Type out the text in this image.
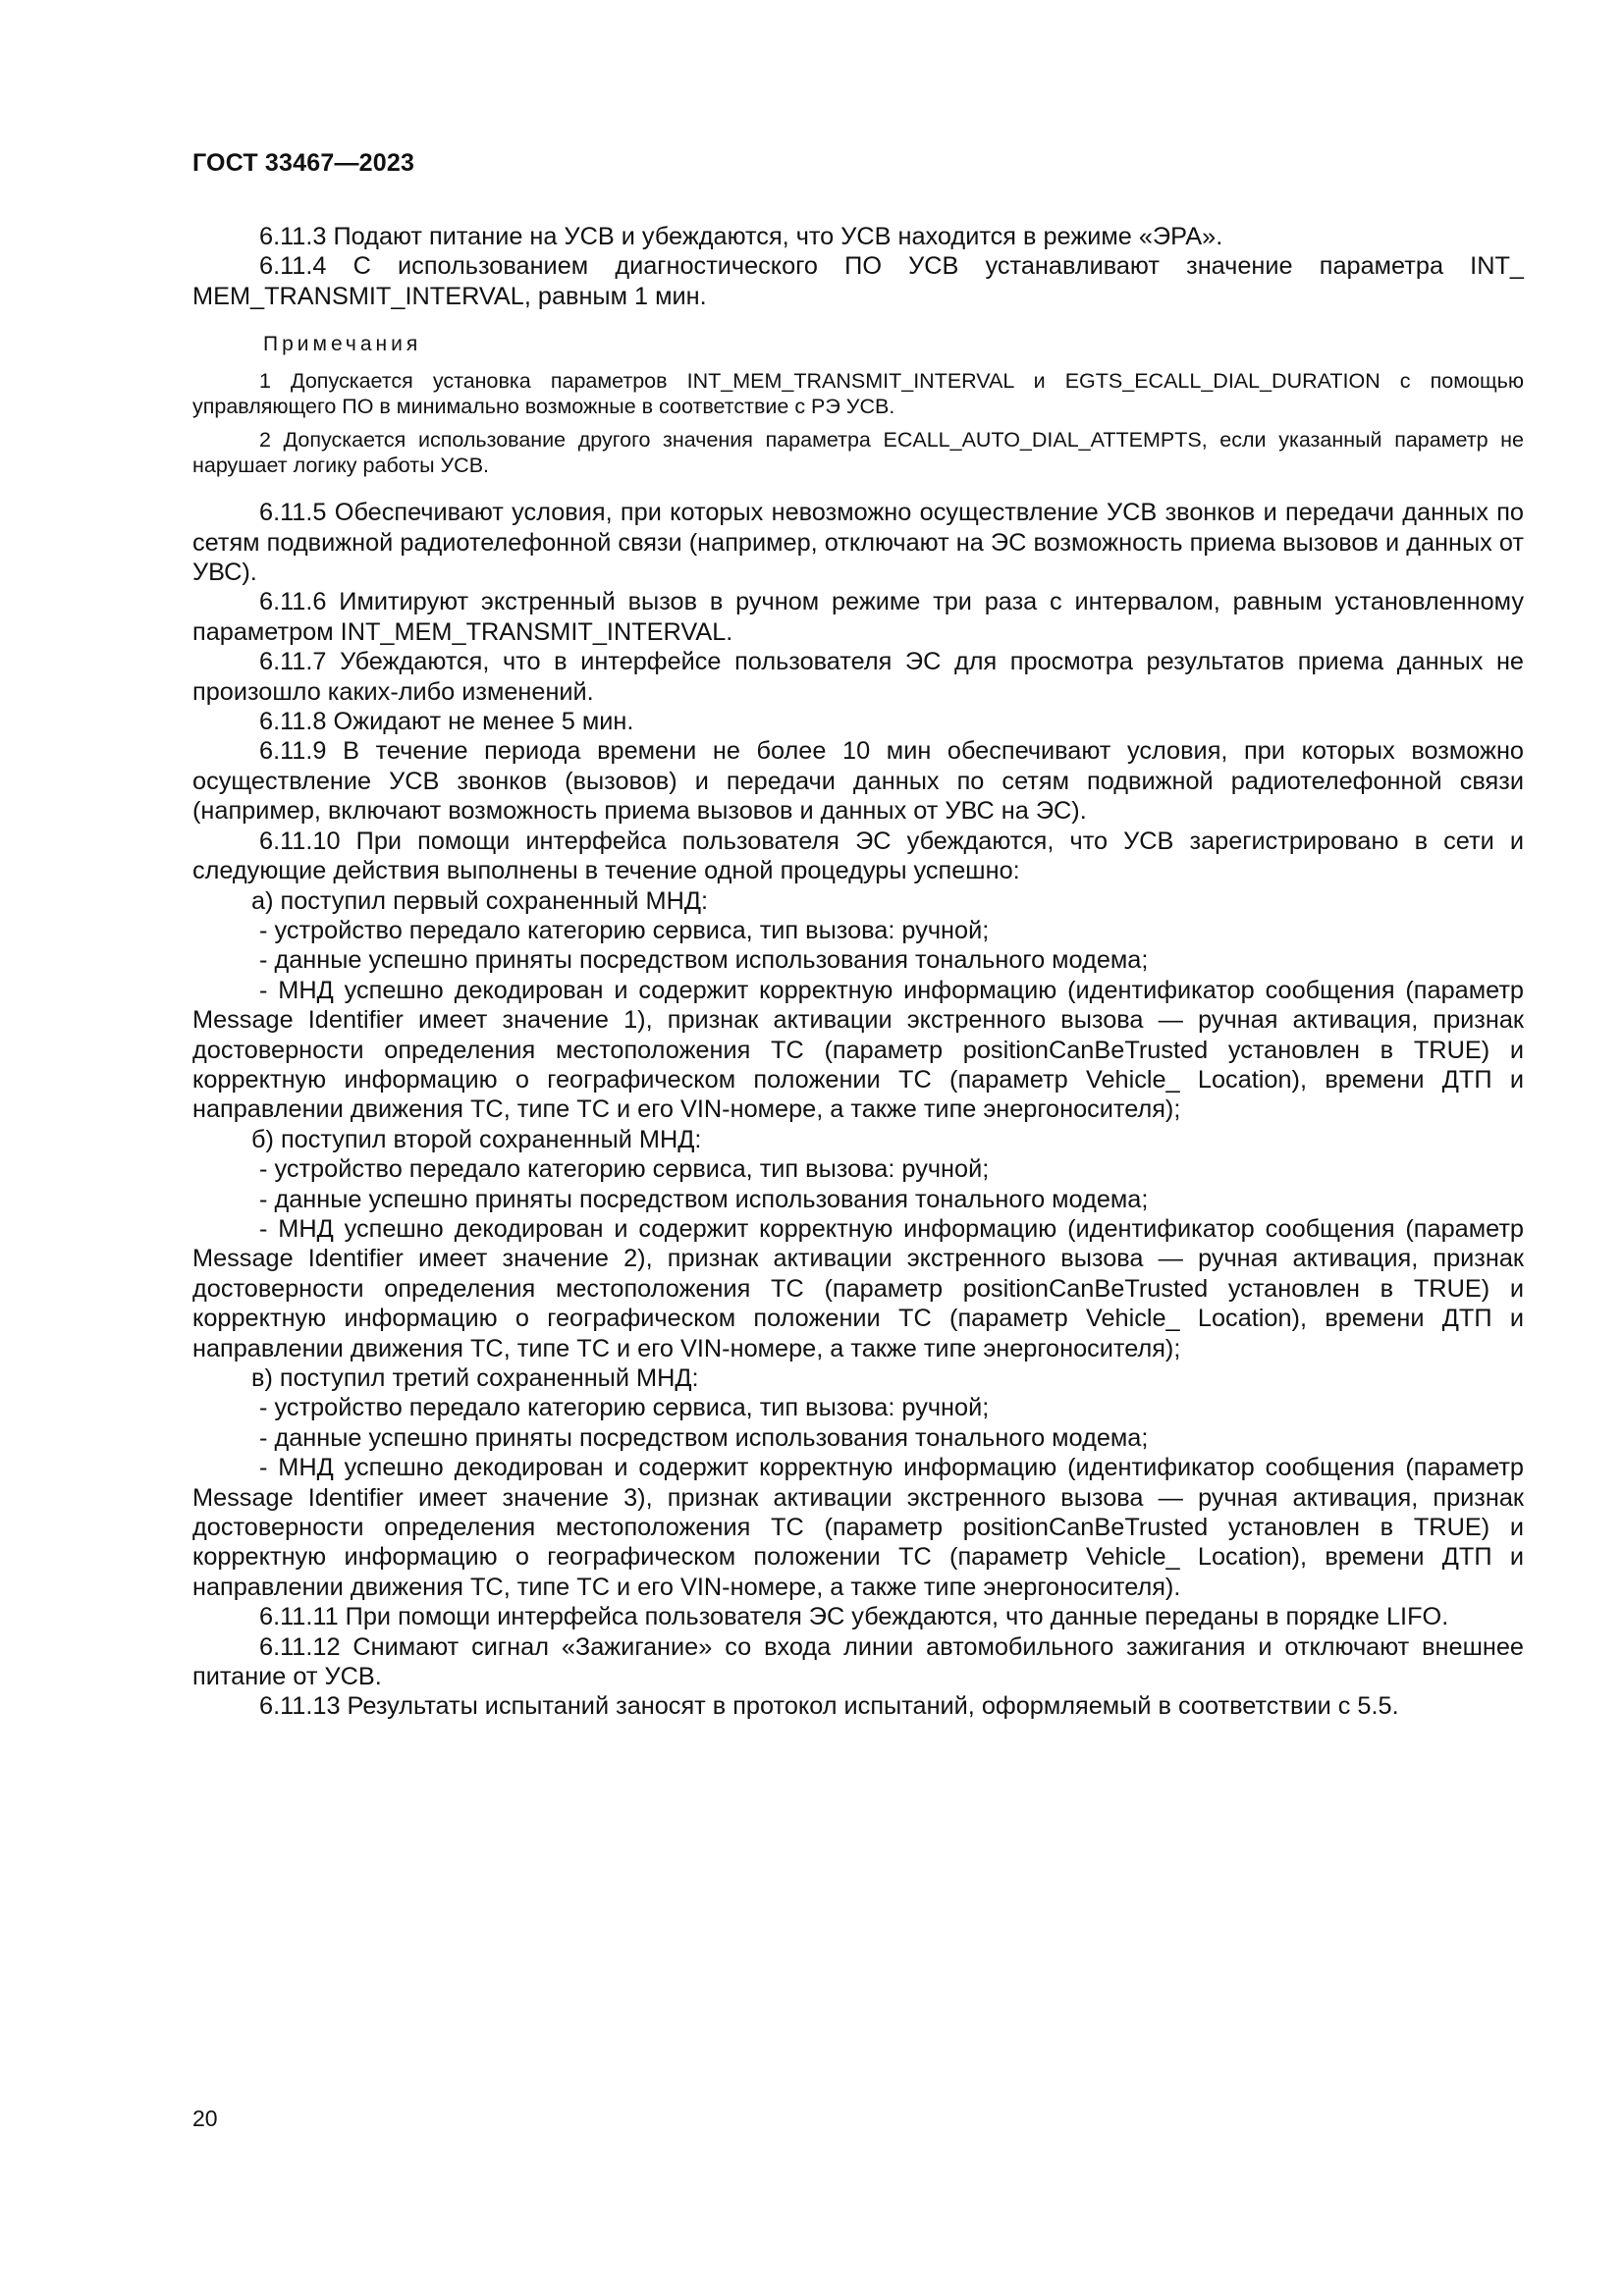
ГОСТ 33467—2023

6.11.3 Подают питание на УСВ и убеждаются, что УСВ находится в режиме «ЭРА».

6.11.4 С использованием диагностического ПО УСВ устанавливают значение параметра INT_ MEM_TRANSMIT_INTERVAL, равным 1 мин.

Примечания

1 Допускается установка параметров INT_MEM_TRANSMIT_INTERVAL и EGTS_ECALL_DIAL_DURATION с помощью управляющего ПО в минимально возможные в соответствие с РЭ УСВ.

2 Допускается использование другого значения параметра ECALL_AUTO_DIAL_ATTEMPTS, если указанный параметр не нарушает логику работы УСВ.

6.11.5 Обеспечивают условия, при которых невозможно осуществление УСВ звонков и передачи данных по сетям подвижной радиотелефонной связи (например, отключают на ЭС возможность приема вызовов и данных от УВС).

6.11.6 Имитируют экстренный вызов в ручном режиме три раза с интервалом, равным установленному параметром INT_MEM_TRANSMIT_INTERVAL.

6.11.7 Убеждаются, что в интерфейсе пользователя ЭС для просмотра результатов приема данных не произошло каких-либо изменений.

6.11.8 Ожидают не менее 5 мин.

6.11.9 В течение периода времени не более 10 мин обеспечивают условия, при которых возможно осуществление УСВ звонков (вызовов) и передачи данных по сетям подвижной радиотелефонной связи (например, включают возможность приема вызовов и данных от УВС на ЭС).

6.11.10 При помощи интерфейса пользователя ЭС убеждаются, что УСВ зарегистрировано в сети и следующие действия выполнены в течение одной процедуры успешно:

а) поступил первый сохраненный МНД:

- устройство передало категорию сервиса, тип вызова: ручной;

- данные успешно приняты посредством использования тонального модема;

- МНД успешно декодирован и содержит корректную информацию (идентификатор сообщения (параметр Message Identifier имеет значение 1), признак активации экстренного вызова — ручная активация, признак достоверности определения местоположения ТС (параметр positionCanBeTrusted установлен в TRUE) и корректную информацию о географическом положении ТС (параметр Vehicle_ Location), времени ДТП и направлении движения ТС, типе ТС и его VIN-номере, а также типе энергоносителя);

б) поступил второй сохраненный МНД:

- устройство передало категорию сервиса, тип вызова: ручной;

- данные успешно приняты посредством использования тонального модема;

- МНД успешно декодирован и содержит корректную информацию (идентификатор сообщения (параметр Message Identifier имеет значение 2), признак активации экстренного вызова — ручная активация, признак достоверности определения местоположения ТС (параметр positionCanBeTrusted установлен в TRUE) и корректную информацию о географическом положении ТС (параметр Vehicle_ Location), времени ДТП и направлении движения ТС, типе ТС и его VIN-номере, а также типе энергоносителя);

в) поступил третий сохраненный МНД:

- устройство передало категорию сервиса, тип вызова: ручной;

- данные успешно приняты посредством использования тонального модема;

- МНД успешно декодирован и содержит корректную информацию (идентификатор сообщения (параметр Message Identifier имеет значение 3), признак активации экстренного вызова — ручная активация, признак достоверности определения местоположения ТС (параметр positionCanBeTrusted установлен в TRUE) и корректную информацию о географическом положении ТС (параметр Vehicle_ Location), времени ДТП и направлении движения ТС, типе ТС и его VIN-номере, а также типе энергоносителя).

6.11.11 При помощи интерфейса пользователя ЭС убеждаются, что данные переданы в порядке LIFO.

6.11.12 Снимают сигнал «Зажигание» со входа линии автомобильного зажигания и отключают внешнее питание от УСВ.

6.11.13 Результаты испытаний заносят в протокол испытаний, оформляемый в соответствии с 5.5.

20
